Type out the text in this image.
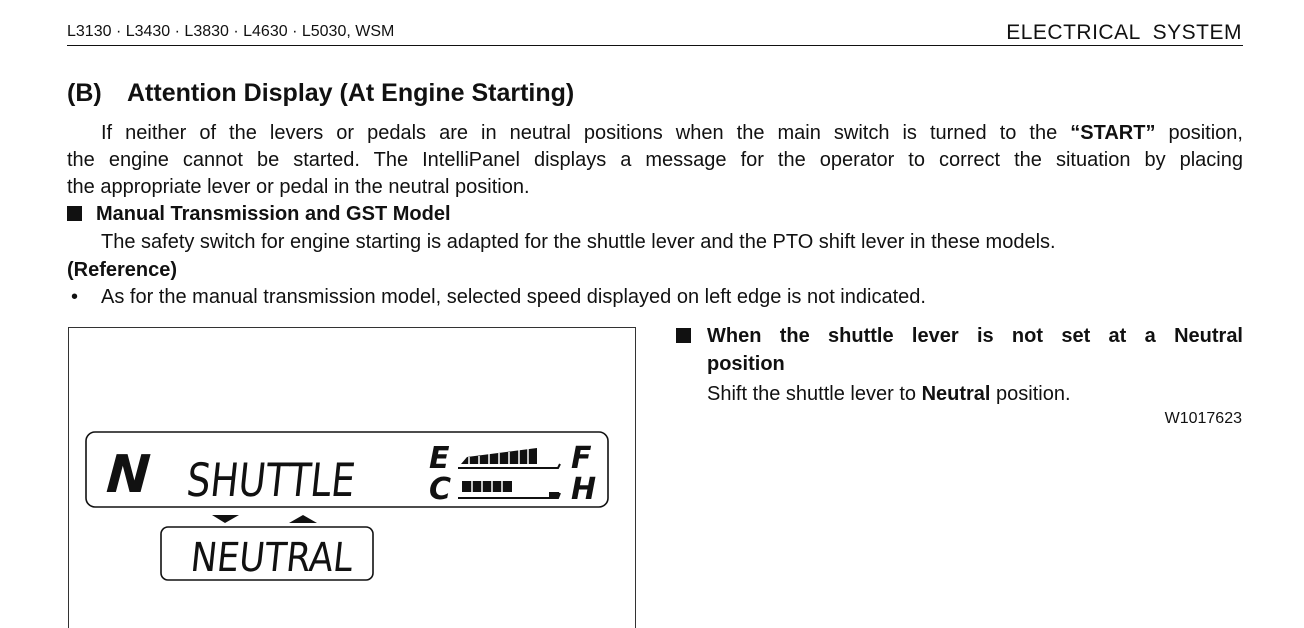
L3130 · L3430 · L3830 · L4630 · L5030, WSM	ELECTRICAL  SYSTEM
(B) Attention Display (At Engine Starting)
If neither of the levers or pedals are in neutral positions when the main switch is turned to the “START” position,
the engine cannot be started. The IntelliPanel displays a message for the operator to correct the situation by placing
the appropriate lever or pedal in the neutral position.
Manual Transmission and GST Model
The safety switch for engine starting is adapted for the shuttle lever and the PTO shift lever in these models.
(Reference)
• As for the manual transmission model, selected speed displayed on left edge is not indicated.
N SHUTTLE E
C
F
H
NEUTRAL
When  the  shuttle  lever  is  not  set  at  a  Neutral
position
Shift the shuttle lever to Neutral position.
W1017623
